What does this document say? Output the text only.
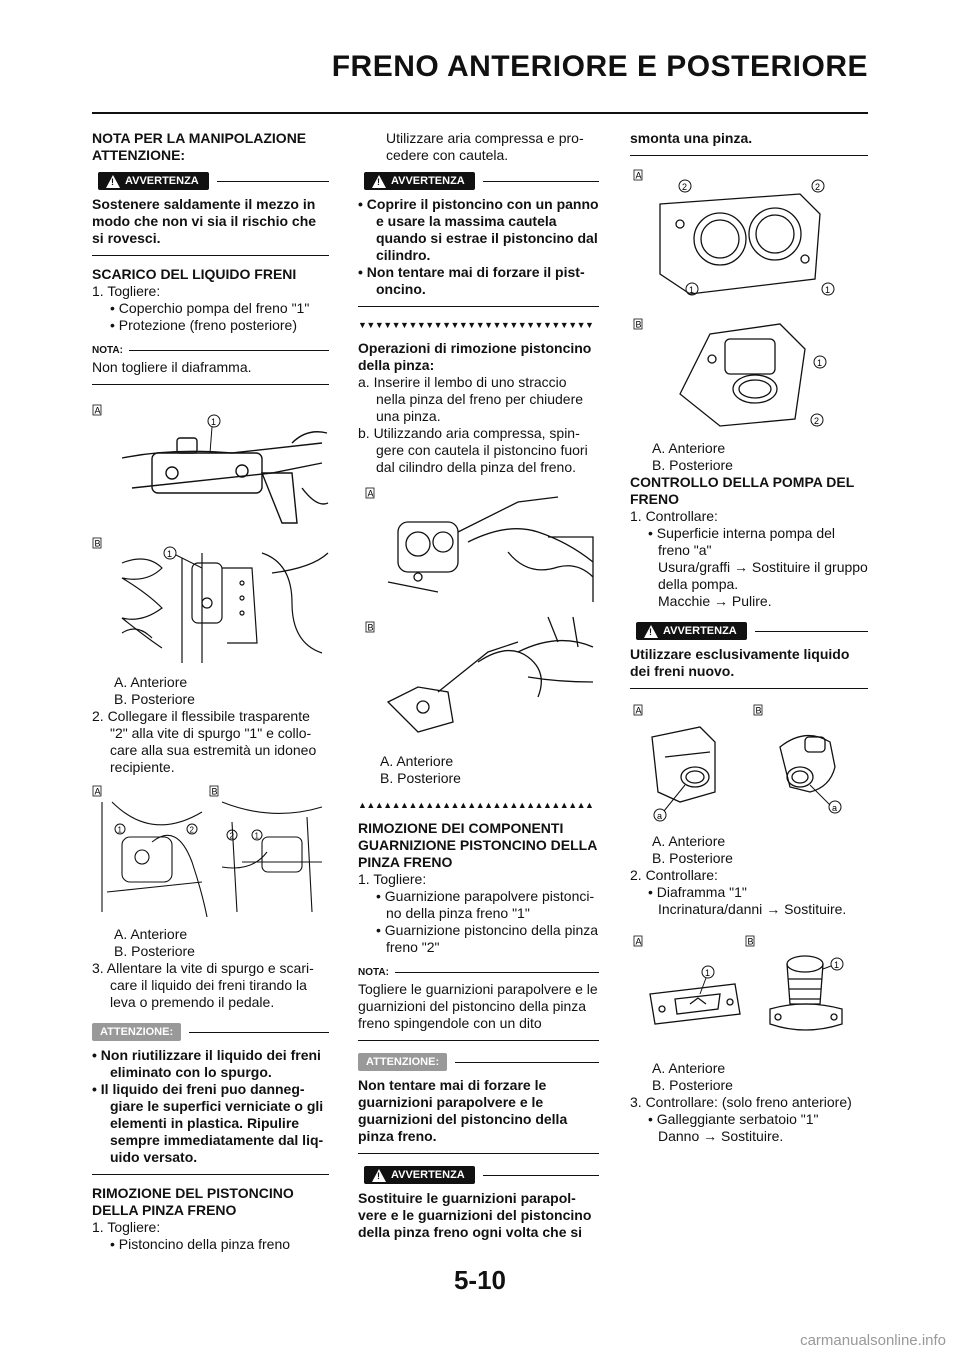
FRENO ANTERIORE E POSTERIORE

NOTA PER LA MANIPOLAZIONE ATTENZIONE:

! AVVERTENZA

Sostenere saldamente il mezzo in modo che non vi sia il rischio che si rovesci.

SCARICO DEL LIQUIDO FRENI

1. Togliere:

• Coperchio pompa del freno "1"

• Protezione (freno posteriore)

NOTA:

Non togliere il diaframma.

A
1
B
1

A. Anteriore

B. Posteriore

2. Collegare il flessibile trasparente "2" alla vite di spurgo "1" e collocare alla sua estremità un idoneo recipiente.

A	B
1	2
2	1

A. Anteriore

B. Posteriore

3. Allentare la vite di spurgo e scaricare il liquido dei freni tirando la leva o premendo il pedale.

ATTENZIONE:

• Non riutilizzare il liquido dei freni eliminato con lo spurgo.

• Il liquido dei freni puo danneggiare le superfici verniciate o gli elementi in plastica. Ripulire sempre immediatamente dal liquido versato.

RIMOZIONE DEL PISTONCINO DELLA PINZA FRENO

1. Togliere:

• Pistoncino della pinza freno

Utilizzare aria compressa e procedere con cautela.

! AVVERTENZA

• Coprire il pistoncino con un panno e usare la massima cautela quando si estrae il pistoncino dal cilindro.

• Non tentare mai di forzare il pistoncino.

▼▼▼▼▼▼▼▼▼▼▼▼▼▼▼▼▼▼▼▼▼▼▼▼▼▼▼▼

Operazioni di rimozione pistoncino della pinza:

a. Inserire il lembo di uno straccio nella pinza del freno per chiudere una pinza.

b. Utilizzando aria compressa, spingere con cautela il pistoncino fuori dal cilindro della pinza del freno.

A
B

A. Anteriore

B. Posteriore

▲▲▲▲▲▲▲▲▲▲▲▲▲▲▲▲▲▲▲▲▲▲▲▲▲▲▲▲

RIMOZIONE DEI COMPONENTI GUARNIZIONE PISTONCINO DELLA PINZA FRENO

1. Togliere:

• Guarnizione parapolvere pistoncino della pinza freno "1"

• Guarnizione pistoncino della pinza freno "2"

NOTA:

Togliere le guarnizioni parapolvere e le guarnizioni del pistoncino della pinza freno spingendole con un dito

ATTENZIONE:

Non tentare mai di forzare le guarnizioni parapolvere e le guarnizioni del pistoncino della pinza freno.

! AVVERTENZA

Sostituire le guarnizioni parapolvere e le guarnizioni del pistoncino della pinza freno ogni volta che si

smonta una pinza.

A
2	2
1	1
B
1
2

A. Anteriore

B. Posteriore

CONTROLLO DELLA POMPA DEL FRENO

1. Controllare:

• Superficie interna pompa del freno "a"

Usura/graffi → Sostituire il gruppo della pompa.

Macchie → Pulire.

! AVVERTENZA

Utilizzare esclusivamente liquido dei freni nuovo.

A	B
a
a

A. Anteriore

B. Posteriore

2. Controllare:

• Diaframma "1"

Incrinatura/danni → Sostituire.

A	B
1
1

A. Anteriore

B. Posteriore

3. Controllare: (solo freno anteriore)

• Galleggiante serbatoio "1"

Danno → Sostituire.

5-10
carmanualsonline.info
